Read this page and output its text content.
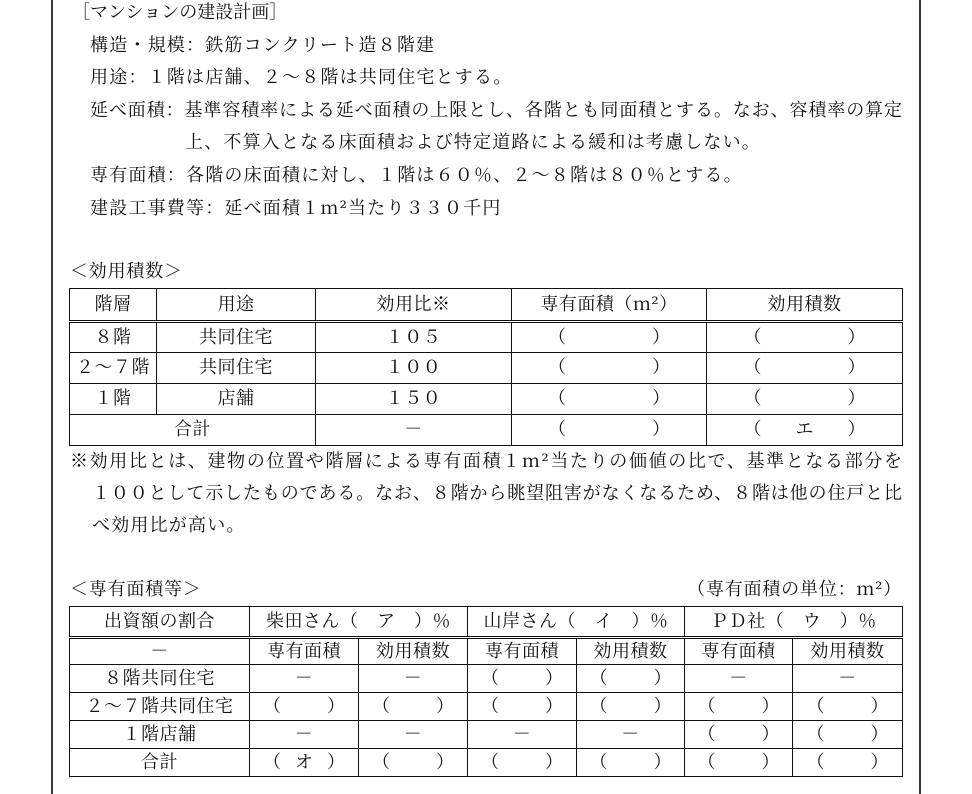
［マンションの建設計画］
構造・規模：鉄筋コンクリート造８階建
用途：１階は店舗、２～８階は共同住宅とする。
延べ面積：基準容積率による延べ面積の上限とし、各階とも同面積とする。なお、容積率の算定
上、不算入となる床面積および特定道路による緩和は考慮しない。
専有面積：各階の床面積に対し、１階は６０％、２～８階は８０％とする。
建設工事費等：延べ面積１ｍ²当たり３３０千円
＜効用積数＞
階層	用途	効用比※	専有面積（ｍ²）	効用積数
８階	共同住宅	１０５	（ ）	（ ）

２～７階	共同住宅	１００	（ ）	（ ）

１階	店舗	１５０	（ ）	（ ）

合計		－	（ ）	（ エ ）
※効用比とは、建物の位置や階層による専有面積１ｍ²当たりの価値の比で、基準となる部分を
１００として示したものである。なお、８階から眺望阻害がなくなるため、８階は他の住戸と比
べ効用比が高い。
＜専有面積等＞	（専有面積の単位：ｍ²）
出資額の割合	柴田さん（　ア　）％		山岸さん（　イ　）％		ＰＤ社（　ウ　）％	
－	専有面積	効用積数	専有面積	効用積数	専有面積	効用積数
８階共同住宅	－	－	（ ）	（ ）	－	－
２～７階共同住宅	（ ）	（ ）	（ ）	（ ）	（ ）	（ ）

１階店舗	－	－	－	－	（ ）	（ ）

合計	（ オ ）	（ ）	（ ）	（ ）	（ ）	（ ）
